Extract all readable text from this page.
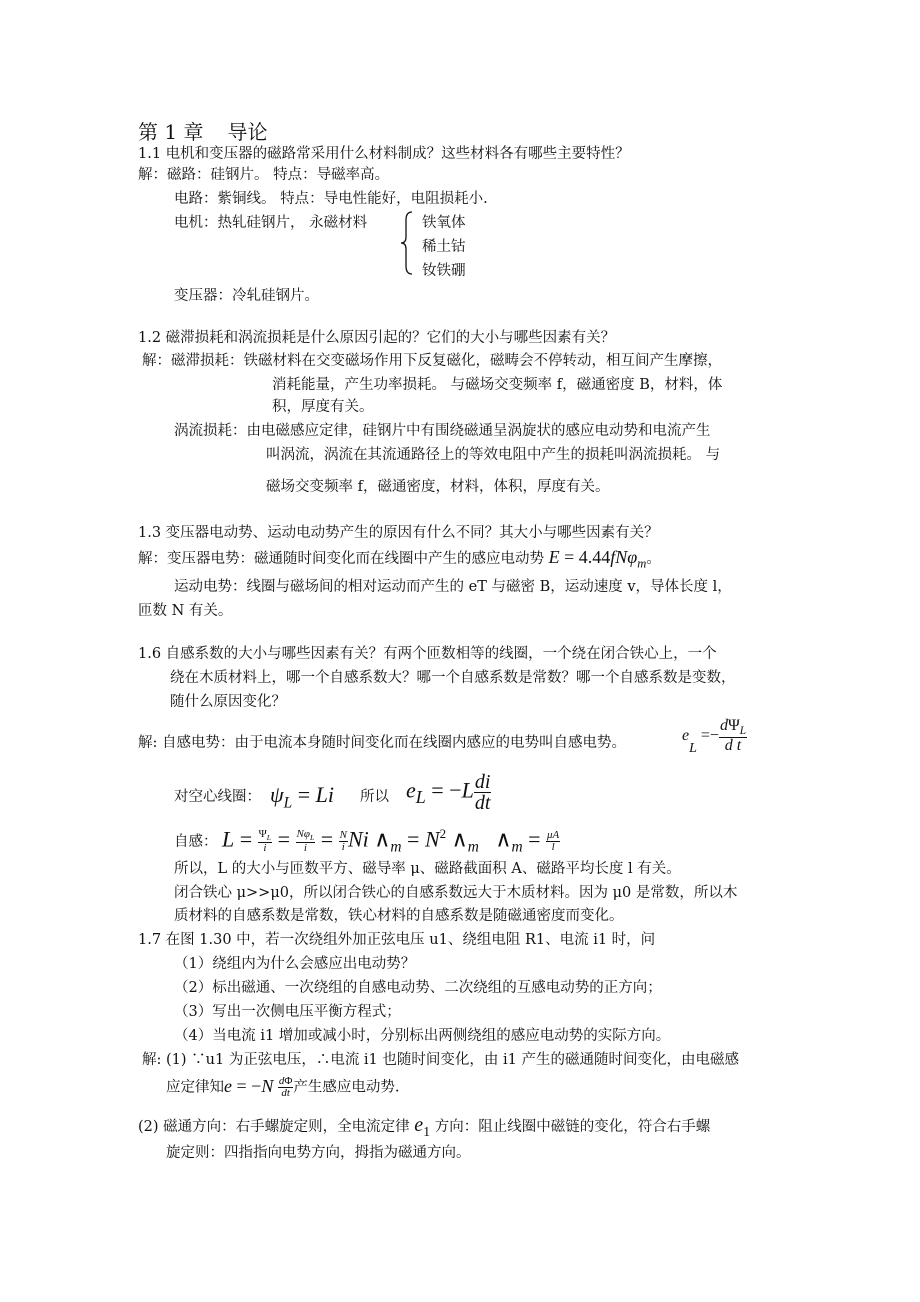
第 1 章 导论
1.1 电机和变压器的磁路常采用什么材料制成？这些材料各有哪些主要特性？
解：磁路：硅钢片。 特点：导磁率高。
电路：紫铜线。 特点：导电性能好，电阻损耗小.
电机：热轧硅钢片， 永磁材料	铁氧体
稀土钴
钕铁硼
变压器：冷轧硅钢片。
1.2 磁滞损耗和涡流损耗是什么原因引起的？它们的大小与哪些因素有关？
解：磁滞损耗：铁磁材料在交变磁场作用下反复磁化，磁畴会不停转动，相互间产生摩擦，
消耗能量，产生功率损耗。 与磁场交变频率 f，磁通密度 B，材料，体
积，厚度有关。
涡流损耗：由电磁感应定律，硅钢片中有围绕磁通呈涡旋状的感应电动势和电流产生
叫涡流，涡流在其流通路径上的等效电阻中产生的损耗叫涡流损耗。 与
磁场交变频率 f，磁通密度，材料，体积，厚度有关。
1.3 变压器电动势、运动电动势产生的原因有什么不同？其大小与哪些因素有关？
解：变压器电势：磁通随时间变化而在线圈中产生的感应电动势 E = 4.44fNφ$_m$。
运动电势：线圈与磁场间的相对运动而产生的 eT 与磁密 B，运动速度 v，导体长度 l，
匝数 N 有关。
1.6 自感系数的大小与哪些因素有关？有两个匝数相等的线圈，一个绕在闭合铁心上，一个
绕在木质材料上，哪一个自感系数大？哪一个自感系数是常数？哪一个自感系数是变数，
随什么原因变化？
解: 自感电势：由于电流本身随时间变化而在线圈内感应的电势叫自感电势。	$e_L =- \frac{d\Psi_L}{\text{d t}}$
对空心线圈： $\psi_L = Li$ 所以 $e_L = -L \frac{di}{dt}$
自感： $L = \frac{\Psi_L}{i} = \frac{N\varphi_L}{i} = \frac{N}{i}$ Ni $\wedge_m = N^2$ $\wedge_m$   $\wedge_m = \frac{\mu A}{l}$
所以，L 的大小与匝数平方、磁导率 μ、磁路截面积 A、磁路平均长度 l 有关。
闭合铁心 μ>>μ0，所以闭合铁心的自感系数远大于木质材料。因为 μ0 是常数，所以木
质材料的自感系数是常数，铁心材料的自感系数是随磁通密度而变化。
1.7 在图 1.30 中，若一次绕组外加正弦电压 u1、绕组电阻 R1、电流 i1 时，问
（1）绕组内为什么会感应出电动势？
（2）标出磁通、一次绕组的自感电动势、二次绕组的互感电动势的正方向；
（3）写出一次侧电压平衡方程式；
（4）当电流 i1 增加或减小时，分别标出两侧绕组的感应电动势的实际方向。
解: (1) ∵u1 为正弦电压，∴电流 i1 也随时间变化，由 i1 产生的磁通随时间变化，由电磁感
应定律知$e = -N \frac{d\Phi}{dt}$ 产生感应电动势.
(2) 磁通方向：右手螺旋定则，全电流定律 $e_1$ 方向：阻止线圈中磁链的变化，符合右手螺
旋定则：四指指向电势方向，拇指为磁通方向。
